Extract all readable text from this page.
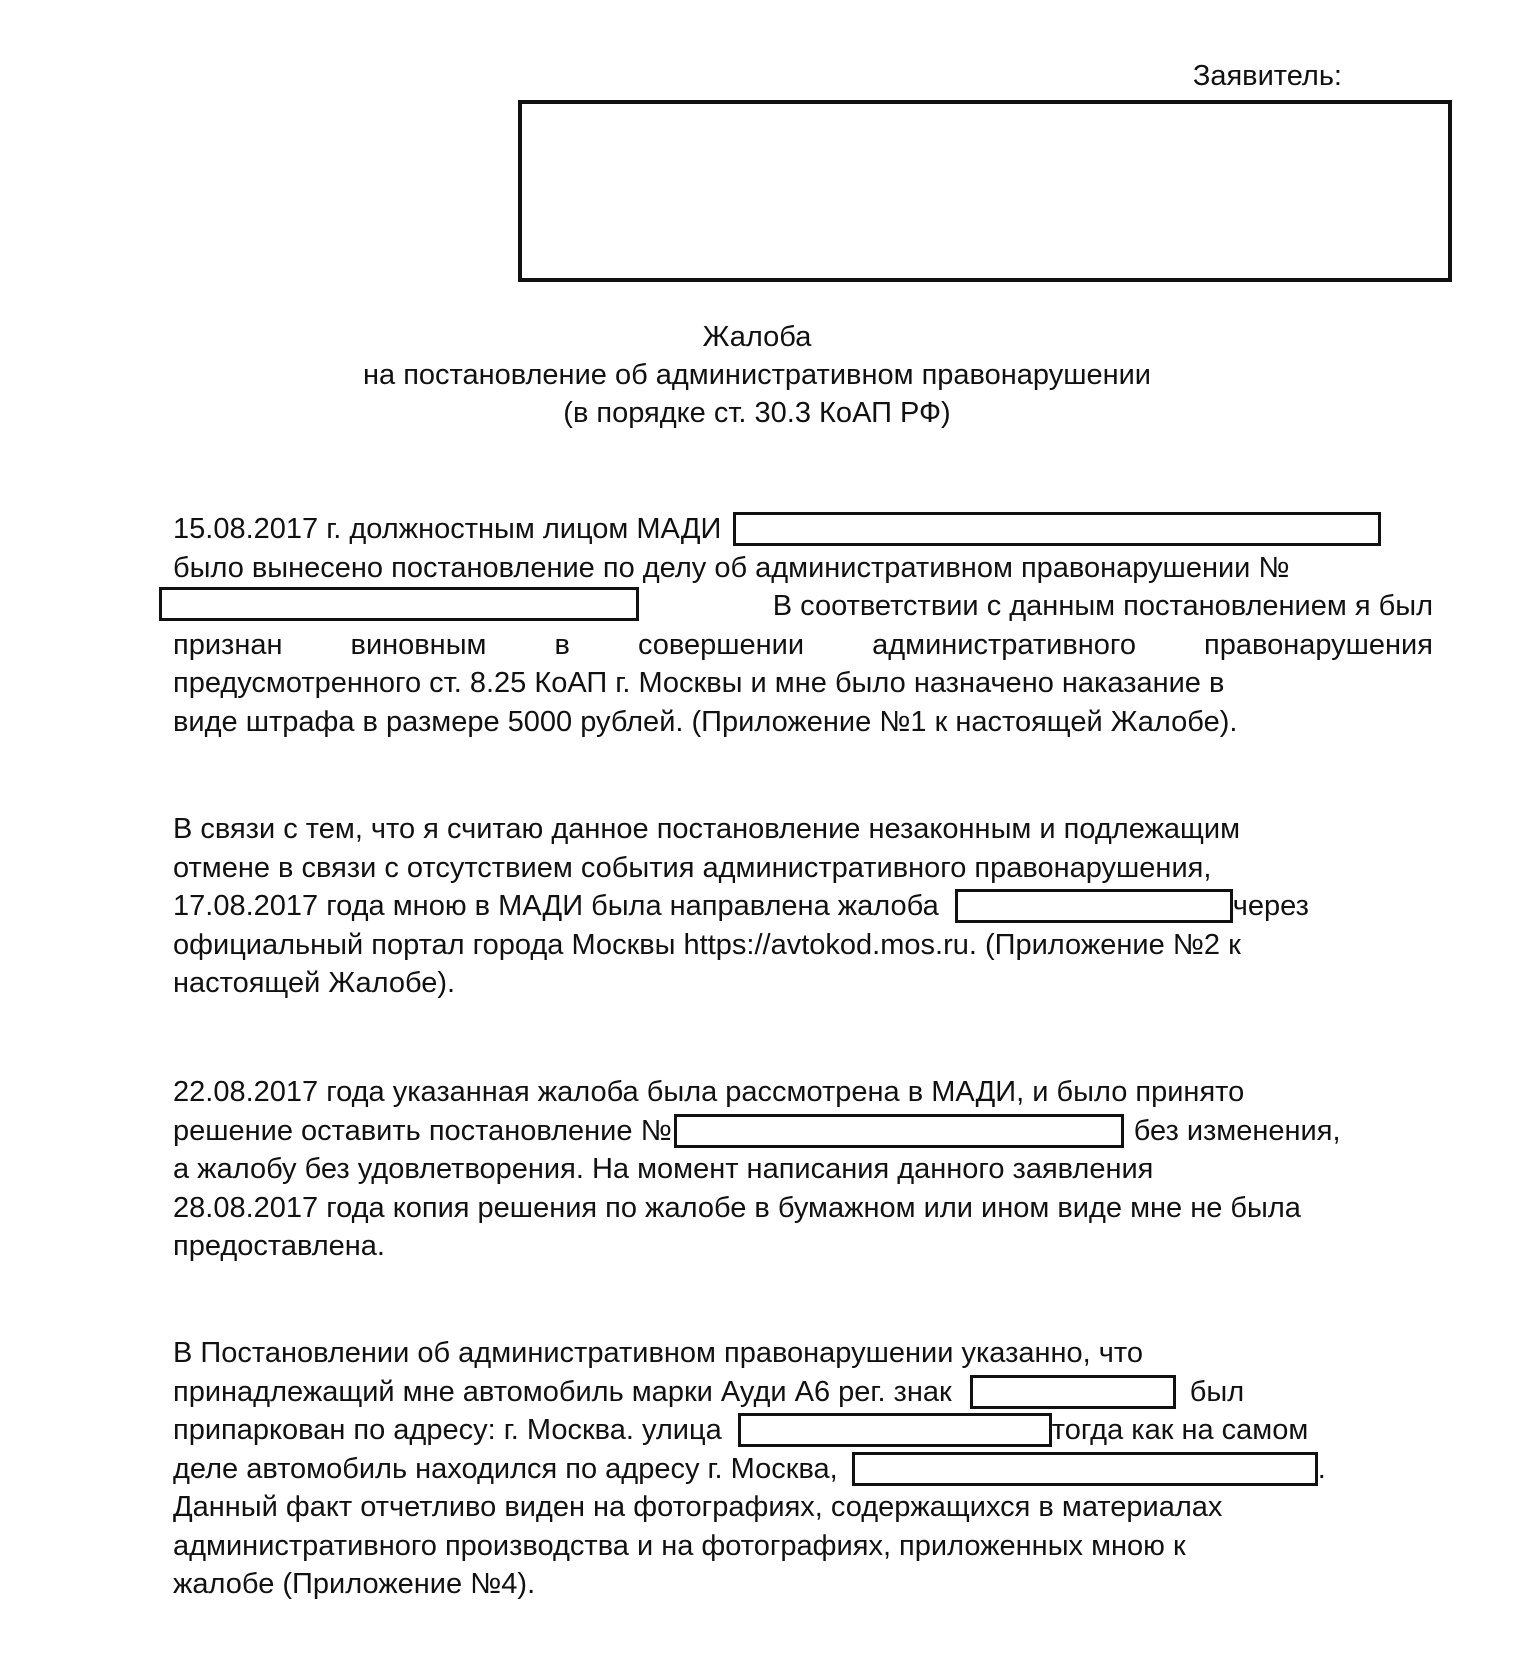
Заявитель:
Жалоба
на постановление об административном правонарушении
(в порядке ст. 30.3 КоАП РФ)
15.08.2017 г. должностным лицом МАДИ
было вынесено постановление по делу об административном правонарушении №
В соответствии с данным постановлением я был
признан виновным в совершении административного правонарушения
предусмотренного ст. 8.25 КоАП г. Москвы и мне было назначено наказание в
виде штрафа в размере 5000 рублей. (Приложение №1 к настоящей Жалобе).
В связи с тем, что я считаю данное постановление незаконным и подлежащим
отмене в связи с отсутствием события административного правонарушения,
17.08.2017 года мною в МАДИ была направлена жалоба	через
официальный портал города Москвы https://avtokod.mos.ru. (Приложение №2 к
настоящей Жалобе).
22.08.2017 года указанная жалоба была рассмотрена в МАДИ, и было принято
решение оставить постановление №	без изменения,
а жалобу без удовлетворения. На момент написания данного заявления
28.08.2017 года копия решения по жалобе в бумажном или ином виде мне не была
предоставлена.
В Постановлении об административном правонарушении указанно, что
принадлежащий мне автомобиль марки Ауди А6 рег. знак	был
припаркован по адресу: г. Москва. улица	тогда как на самом
деле автомобиль находился по адресу г. Москва,	.
Данный факт отчетливо виден на фотографиях, содержащихся в материалах
административного производства и на фотографиях, приложенных мною к
жалобе (Приложение №4).
